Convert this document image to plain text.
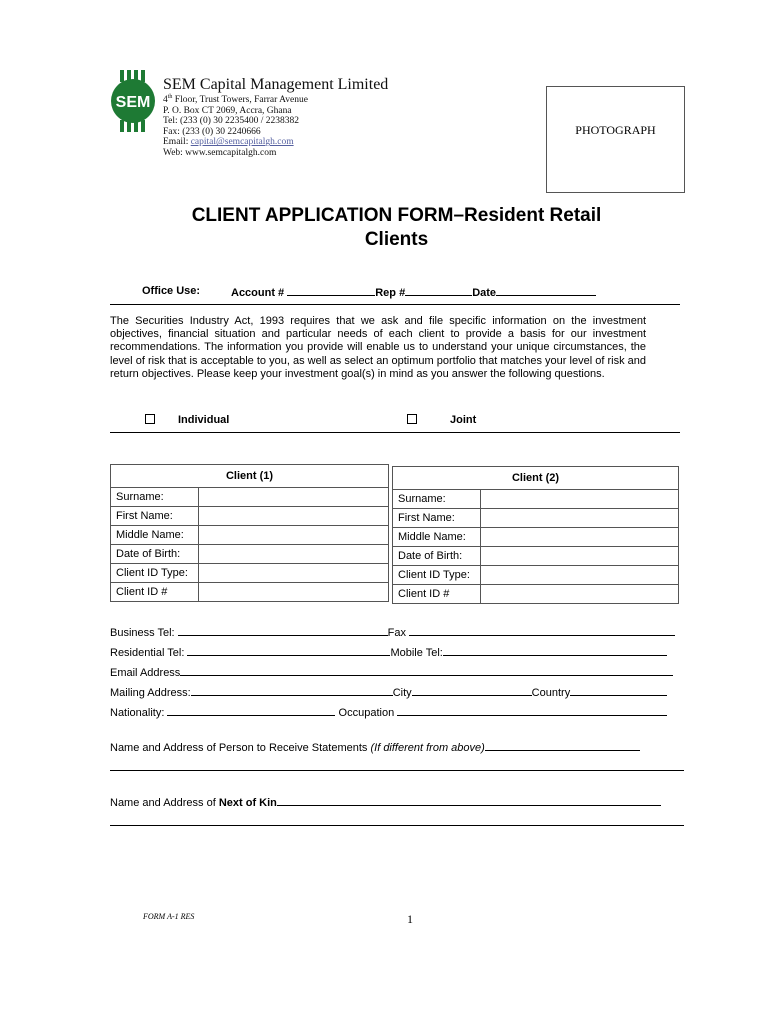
SEM
SEM Capital Management Limited
4th Floor, Trust Towers, Farrar Avenue
P. O. Box CT 2069, Accra, Ghana
Tel: (233 (0) 30 2235400 / 2238382
Fax: (233 (0) 30 2240666
Email: capital@semcapitalgh.com
Web: www.semcapitalgh.com
PHOTOGRAPH
CLIENT APPLICATION FORM–Resident Retail
Clients
Office Use:	Account #	Rep #	Date
The Securities Industry Act, 1993 requires that we ask and file specific information on the investment objectives, financial situation and particular needs of each client to provide a basis for our investment recommendations. The information you provide will enable us to understand your unique circumstances, the level of risk that is acceptable to you, as well as select an optimum portfolio that matches your level of risk and return objectives. Please keep your investment goal(s) in mind as you answer the following questions.
Individual	Joint
Client (1)	
Surname:	
First Name:	
Middle Name:	
Date of Birth:	
Client ID Type:	
Client ID #	
Client (2)	
Surname:	
First Name:	
Middle Name:	
Date of Birth:	
Client ID Type:	
Client ID #	
Business Tel:	Fax
Residential Tel:	Mobile Tel:
Email Address
Mailing Address:	City	Country
Nationality:	Occupation
Name and Address of Person to Receive Statements (If different from above)
Name and Address of Next of Kin
FORM A-1 RES	1
